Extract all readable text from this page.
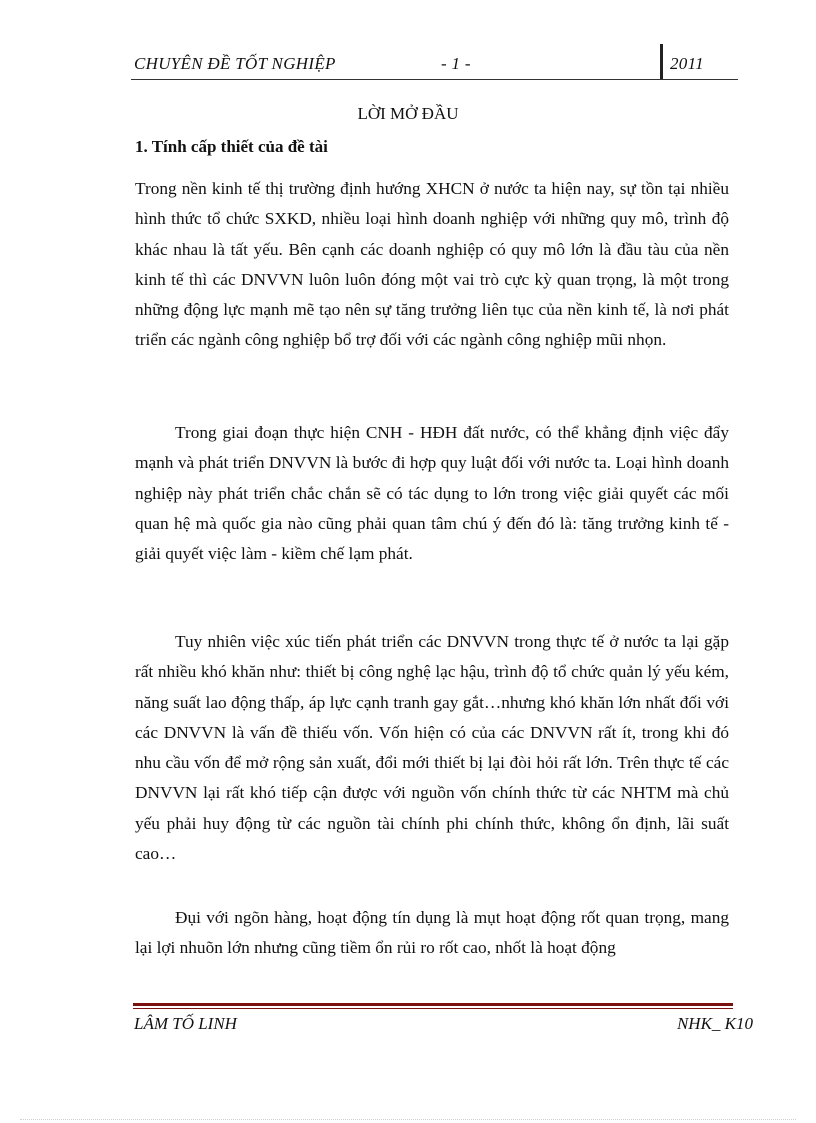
CHUYÊN ĐỀ TỐT NGHIỆP	- 1 -	2011
LỜI MỞ ĐẦU
1. Tính cấp thiết của đề tài

Trong nền kinh tế thị trường định hướng XHCN ở nước ta hiện nay, sự tồn tại nhiều hình thức tổ chức SXKD, nhiều loại hình doanh nghiệp với những quy mô, trình độ khác nhau là tất yếu. Bên cạnh các doanh nghiệp có quy mô lớn là đầu tàu của nền kinh tế thì các DNVVN luôn luôn đóng một vai trò cực kỳ quan trọng, là một trong những động lực mạnh mẽ tạo nên sự tăng trưởng liên tục của nền kinh tế, là nơi phát triển các ngành công nghiệp bổ trợ đối với các ngành công nghiệp mũi nhọn.

Trong giai đoạn thực hiện CNH - HĐH đất nước, có thể khẳng định việc đẩy mạnh và phát triển DNVVN là bước đi hợp quy luật đối với nước ta. Loại hình doanh nghiệp này phát triển chắc chắn sẽ có tác dụng to lớn trong việc giải quyết các mối quan hệ mà quốc gia nào cũng phải quan tâm chú ý đến đó là: tăng trưởng kinh tế - giải quyết việc làm - kiềm chế lạm phát.

Tuy nhiên việc xúc tiến phát triển các DNVVN trong thực tế ở nước ta lại gặp rất nhiều khó khăn như: thiết bị công nghệ lạc hậu, trình độ tổ chức quản lý yếu kém, năng suất lao động thấp, áp lực cạnh tranh gay gắt…nhưng khó khăn lớn nhất đối với các DNVVN là vấn đề thiếu vốn. Vốn hiện có của các DNVVN rất ít, trong khi đó nhu cầu vốn để mở rộng sản xuất, đổi mới thiết bị lại đòi hỏi rất lớn. Trên thực tế các DNVVN lại rất khó tiếp cận được với nguồn vốn chính thức từ các NHTM mà chủ yếu phải huy động từ các nguồn tài chính phi chính thức, không ổn định, lãi suất cao…

Đụi với ngõn hàng, hoạt động tín dụng là mụt hoạt động rốt quan trọng, mang lại lợi nhuõn lớn nhưng cũng tiềm ổn rủi ro rốt cao, nhốt là hoạt động

LÂM TỐ LINH	NHK_ K10
